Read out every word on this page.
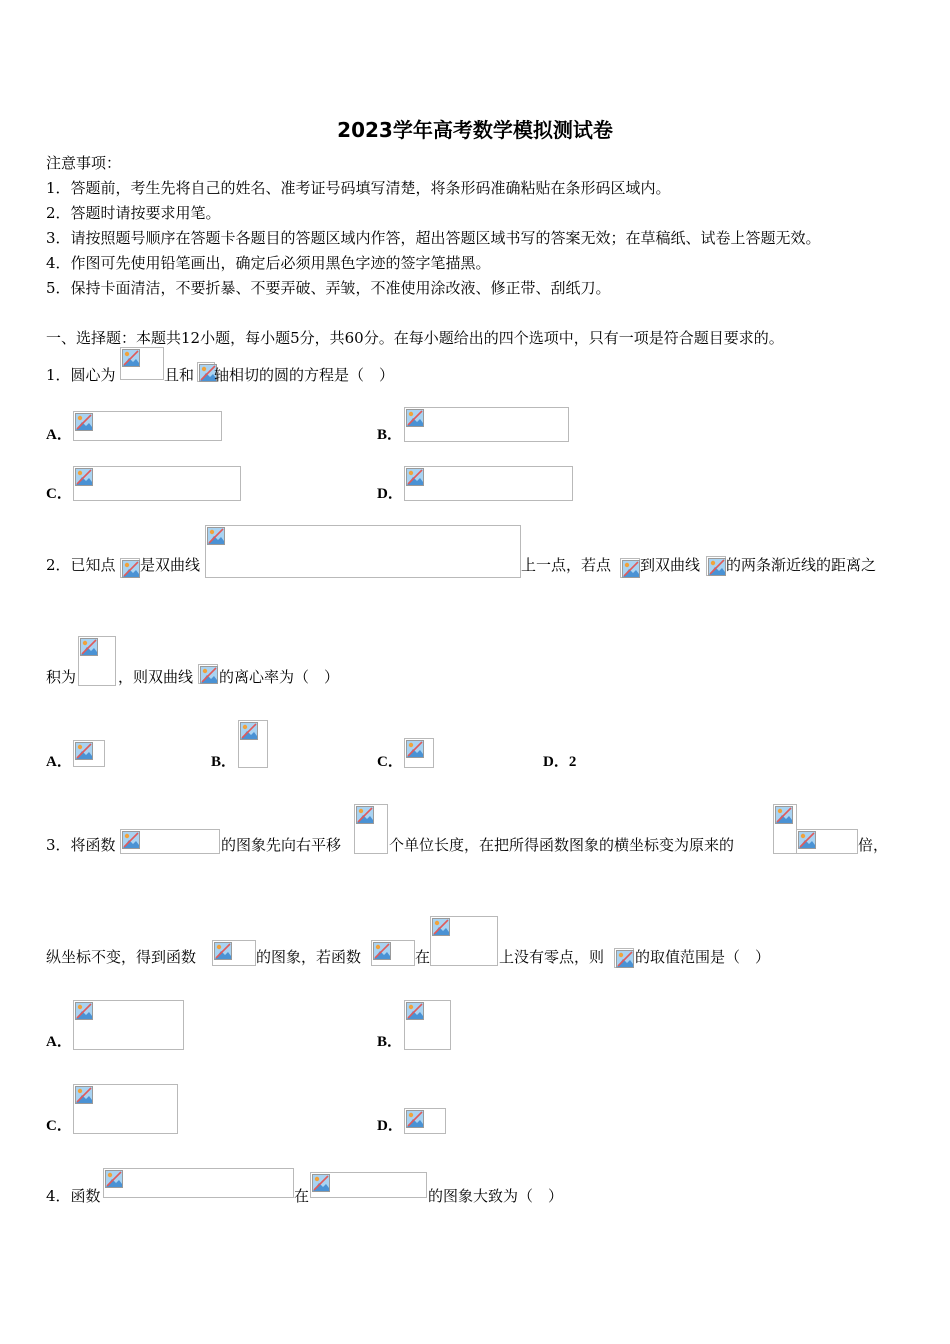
2023学年高考数学模拟测试卷
注意事项：
1．答题前，考生先将自己的姓名、准考证号码填写清楚，将条形码准确粘贴在条形码区域内。
2．答题时请按要求用笔。
3．请按照题号顺序在答题卡各题目的答题区域内作答，超出答题区域书写的答案无效；在草稿纸、试卷上答题无效。
4．作图可先使用铅笔画出，确定后必须用黑色字迹的签字笔描黑。
5．保持卡面清洁，不要折暴、不要弄破、弄皱，不准使用涂改液、修正带、刮纸刀。
一、选择题：本题共12小题，每小题5分，共60分。在每小题给出的四个选项中，只有一项是符合题目要求的。
1．圆心为	且和 轴相切的圆的方程是（　）
A．	B．
C．	D．
2．已知点 是双曲线	上一点，若点 到双曲线 的两条渐近线的距离之
积为	，则双曲线 的离心率为（　）
A．	B．	C．	D．2
3．将函数	的图象先向右平移	个单位长度，在把所得函数图象的横坐标变为原来的	倍，
纵坐标不变，得到函数	的图象，若函数	在	上没有零点，则 的取值范围是（　）
A．	B．
C．	D．
4．函数	在	的图象大致为（　）
